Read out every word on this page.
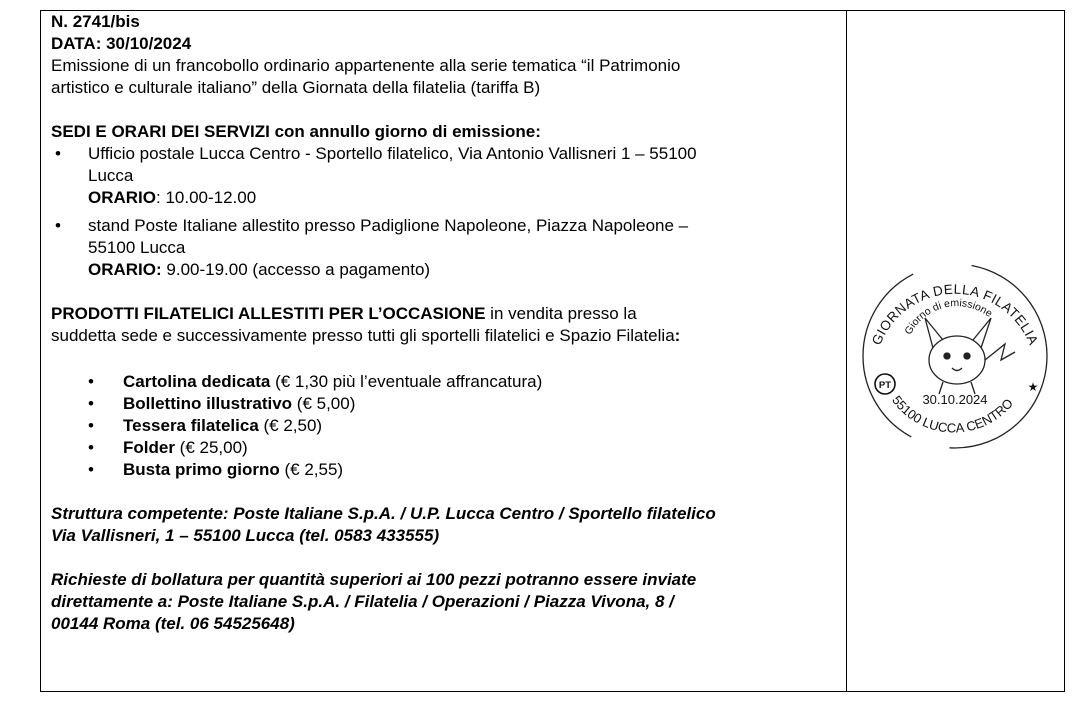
N. 2741/bis
DATA: 30/10/2024
Emissione di un francobollo ordinario appartenente alla serie tematica “il Patrimonio
artistico e culturale italiano” della Giornata della filatelia (tariffa B)
SEDI E ORARI DEI SERVIZI con annullo giorno di emissione:
• Ufficio postale Lucca Centro - Sportello filatelico, Via Antonio Vallisneri 1 – 55100
Lucca
ORARIO: 10.00-12.00
• stand Poste Italiane allestito presso Padiglione Napoleone, Piazza Napoleone –
55100 Lucca
ORARIO: 9.00-19.00 (accesso a pagamento)
PRODOTTI FILATELICI ALLESTITI PER L’OCCASIONE in vendita presso la
suddetta sede e successivamente presso tutti gli sportelli filatelici e Spazio Filatelia:
• Cartolina dedicata (€ 1,30 più l’eventuale affrancatura)
• Bollettino illustrativo (€ 5,00)
• Tessera filatelica (€ 2,50)
• Folder (€ 25,00)
• Busta primo giorno (€ 2,55)
Struttura competente: Poste Italiane S.p.A. / U.P. Lucca Centro / Sportello filatelico
Via Vallisneri, 1 – 55100 Lucca (tel. 0583 433555)
Richieste di bollatura per quantità superiori ai 100 pezzi potranno essere inviate
direttamente a: Poste Italiane S.p.A. / Filatelia / Operazioni / Piazza Vivona, 8 /
00144 Roma (tel. 06 54525648)
GIORNATA DELLA FILATELIA
Giorno di emissione
PT
30.10.2024
55100 LUCCA CENTRO
★
